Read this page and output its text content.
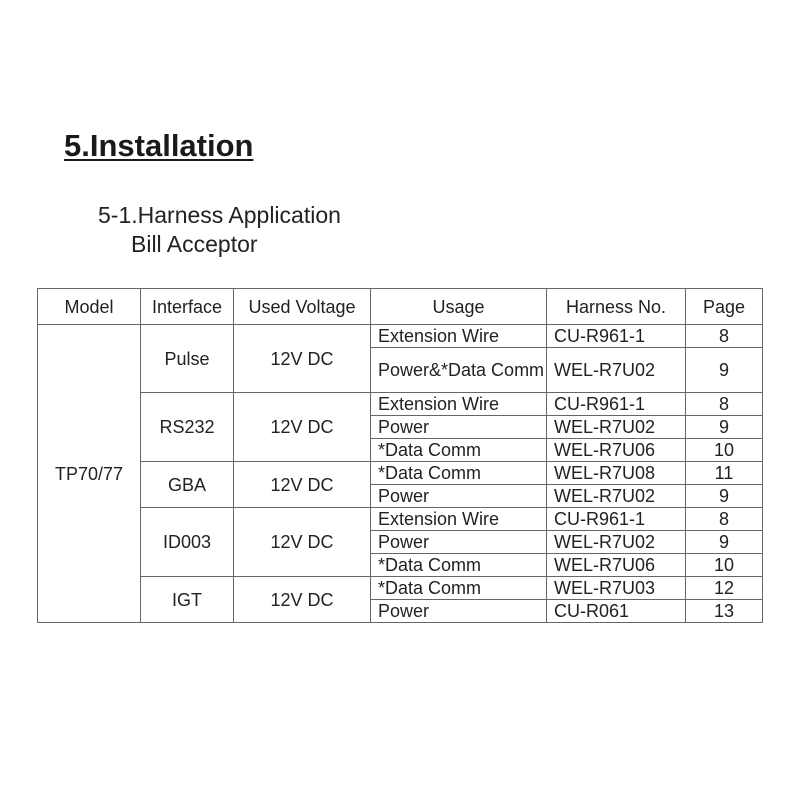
5.Installation
5-1.Harness Application
Bill Acceptor
Model	Interface	Used Voltage	Usage	Harness No.	Page
TP70/77	Pulse	12V DC	Extension Wire	CU-R961-1	8
			Power&*Data Comm	WEL-R7U02	9
	RS232	12V DC	Extension Wire	CU-R961-1	8
			Power	WEL-R7U02	9
			*Data Comm	WEL-R7U06	10
	GBA	12V DC	*Data Comm	WEL-R7U08	11
			Power	WEL-R7U02	9
	ID003	12V DC	Extension Wire	CU-R961-1	8
			Power	WEL-R7U02	9
			*Data Comm	WEL-R7U06	10
	IGT	12V DC	*Data Comm	WEL-R7U03	12
			Power	CU-R061	13
